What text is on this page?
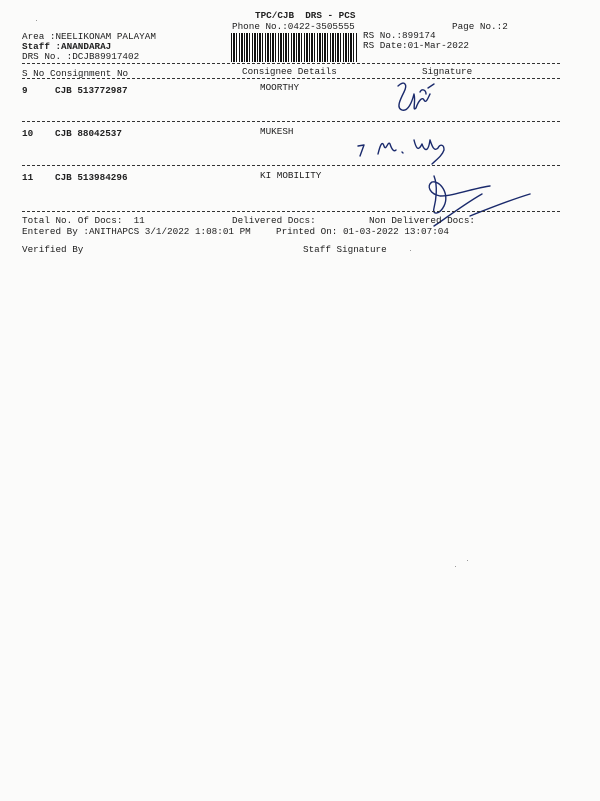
TPC/CJB  DRS - PCS
Phone No.:0422-3505555	Page No.:2
Area :NEELIKONAM PALAYAM
Staff :ANANDARAJ
DRS No. :DCJB89917402
RS No.:899174
RS Date:01-Mar-2022
S No Consignment No	Consignee Details	Signature
9	CJB 513772987	MOORTHY
10 CJB 88042537	MUKESH
11 CJB 513984296	KI MOBILITY
Total No. Of Docs:  11	Delivered Docs:	Non Delivered Docs:
Entered By :ANITHAPCS 3/1/2022 1:08:01 PM	Printed On: 01-03-2022 13:07:04
Verified By	Staff Signature
